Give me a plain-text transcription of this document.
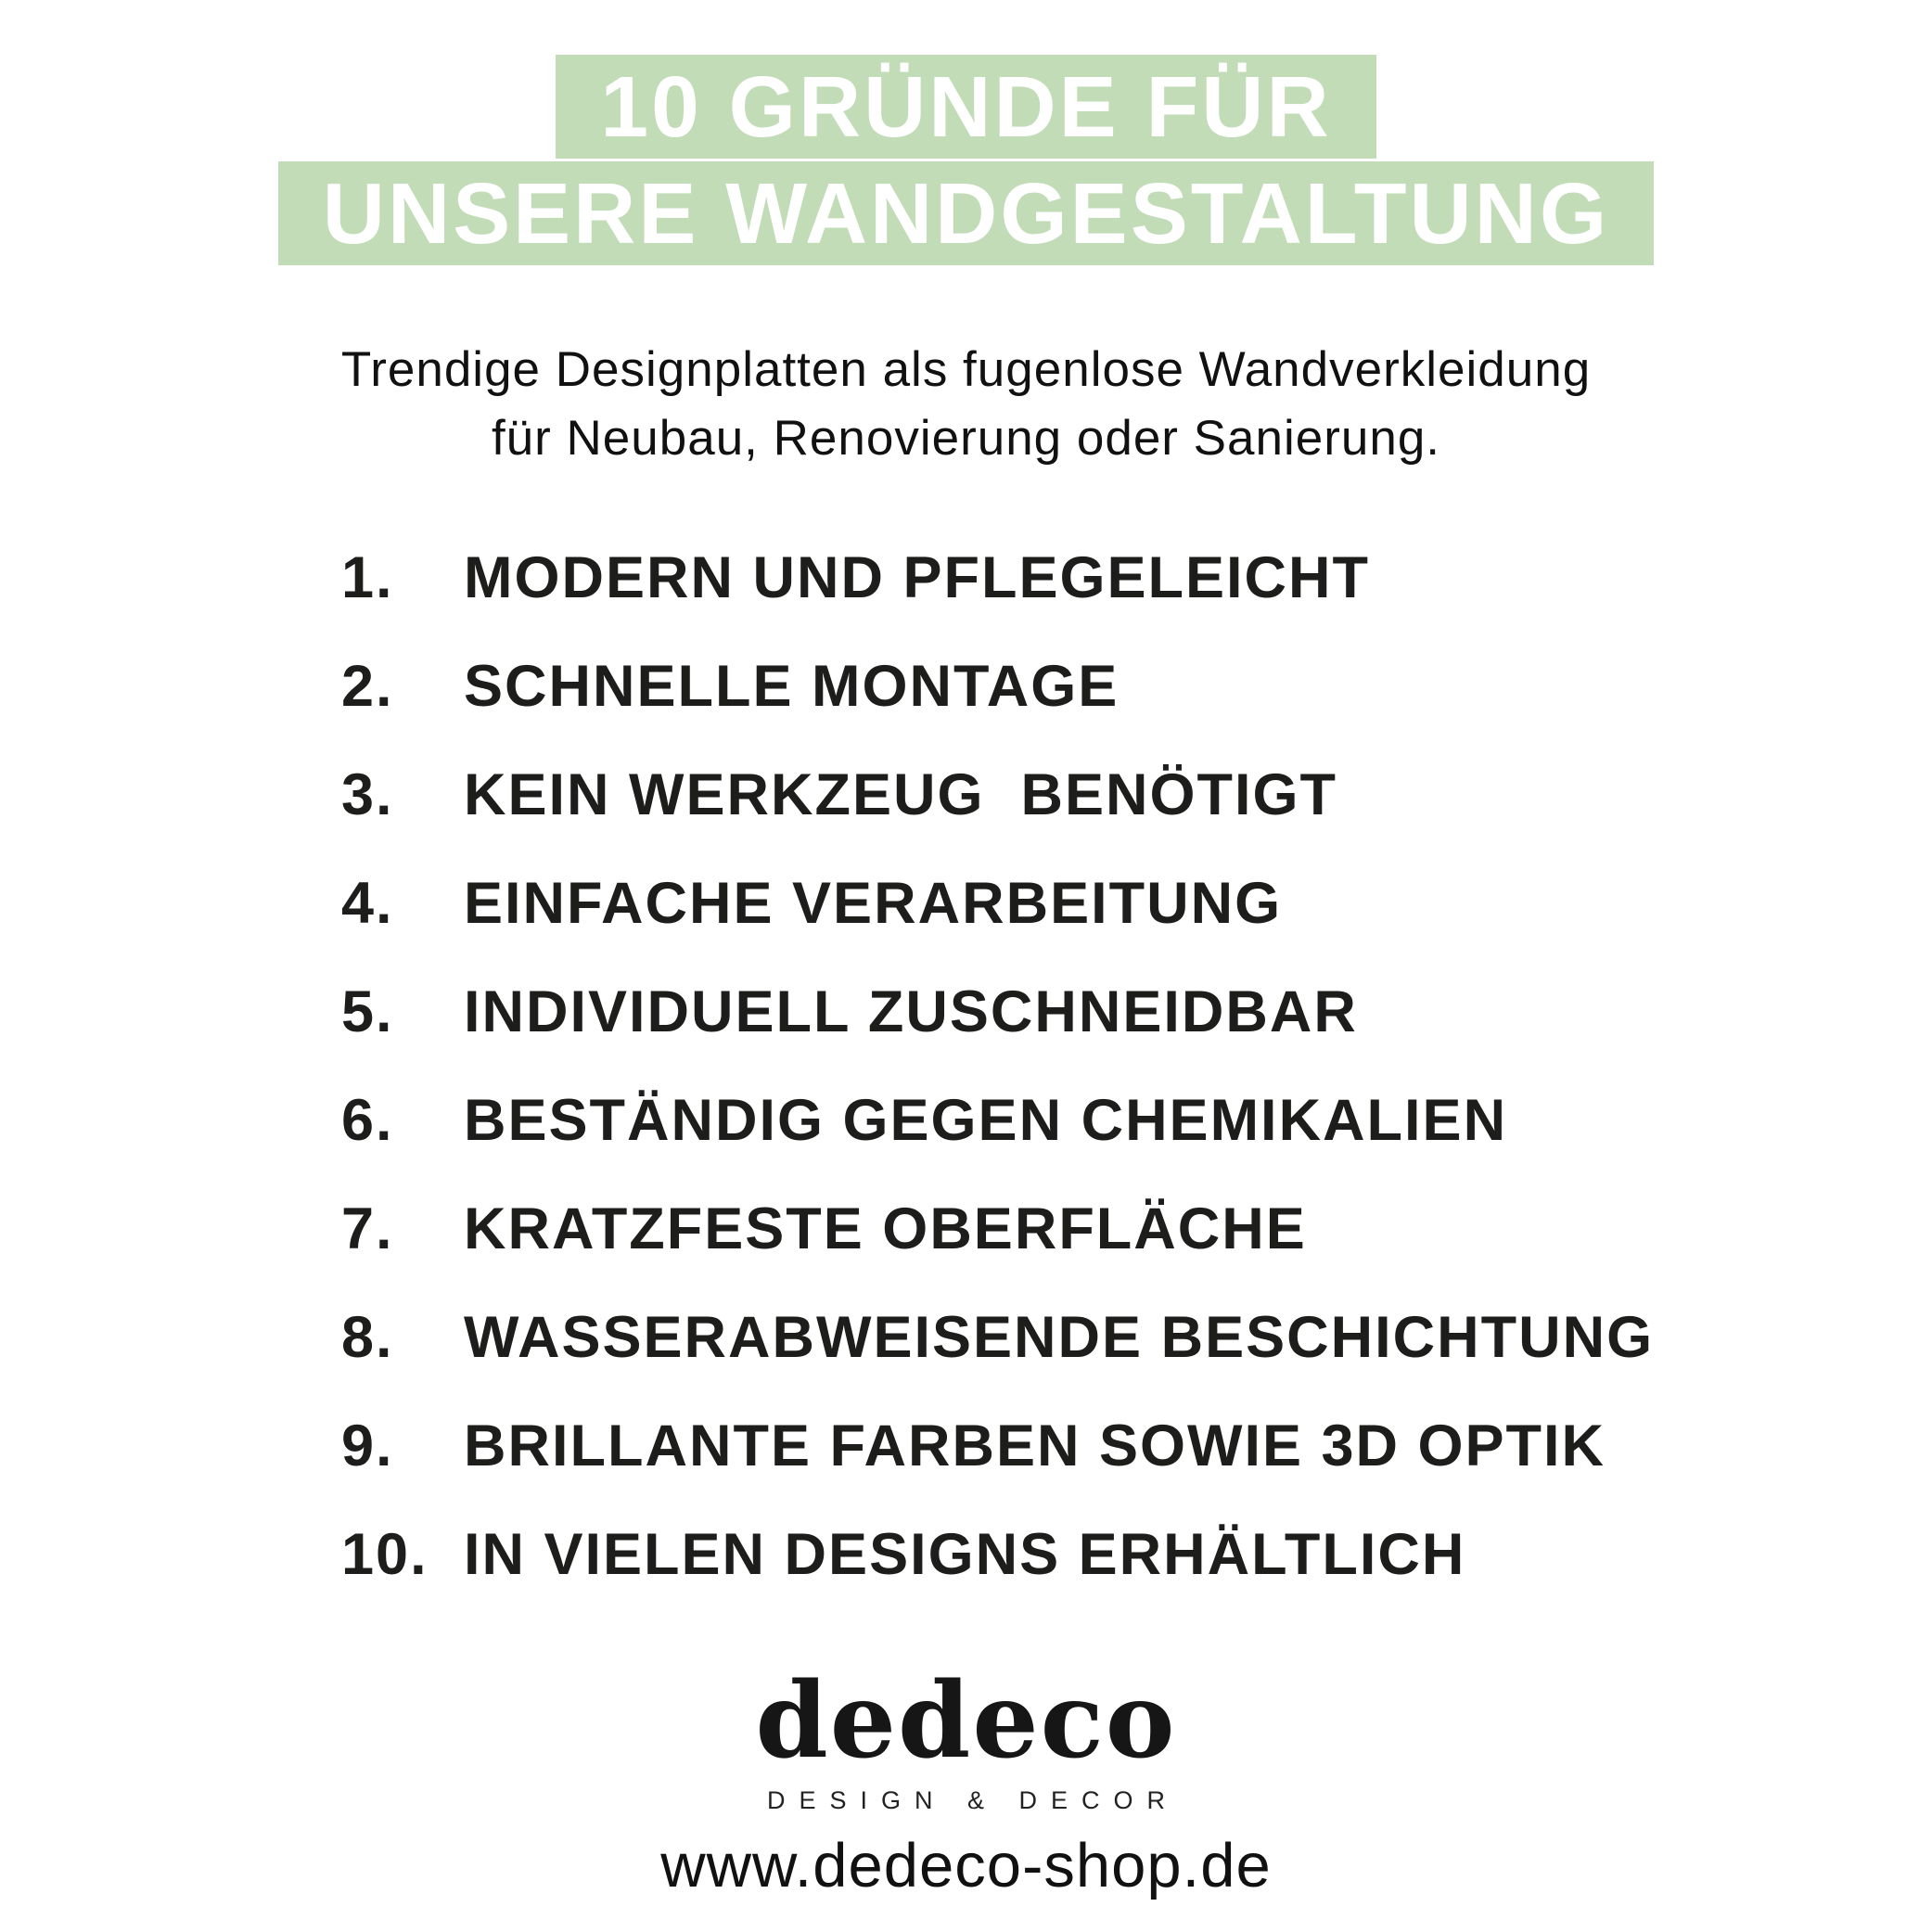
10 GRÜNDE FÜR
UNSERE WANDGESTALTUNG
Trendige Designplatten als fugenlose Wandverkleidung
für Neubau, Renovierung oder Sanierung.
1.	MODERN UND PFLEGELEICHT
2.	SCHNELLE MONTAGE
3.	KEIN WERKZEUG  BENÖTIGT
4.	EINFACHE VERARBEITUNG
5.	INDIVIDUELL ZUSCHNEIDBAR
6.	BESTÄNDIG GEGEN CHEMIKALIEN
7.	KRATZFESTE OBERFLÄCHE
8.	WASSERABWEISENDE BESCHICHTUNG
9.	BRILLANTE FARBEN SOWIE 3D OPTIK
10. IN VIELEN DESIGNS ERHÄLTLICH
dedeco
DESIGN & DECOR
www.dedeco-shop.de
